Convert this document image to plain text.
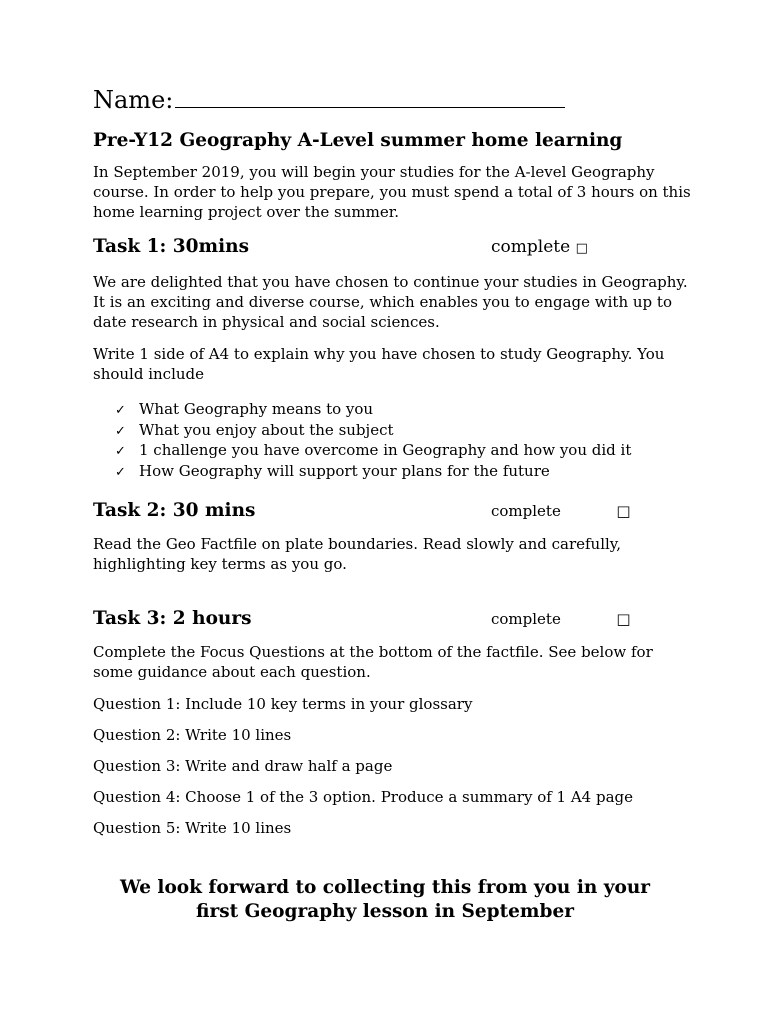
Name:
Pre-Y12 Geography A-Level summer home learning

In September 2019, you will begin your studies for the A-level Geography course. In order to help you prepare, you must spend a total of 3 hours on this home learning project over the summer.

Task 1: 30mins	complete □

We are delighted that you have chosen to continue your studies in Geography. It is an exciting and diverse course, which enables you to engage with up to date research in physical and social sciences.

Write 1 side of A4 to explain why you have chosen to study Geography. You should include

✓ What Geography means to you
✓ What you enjoy about the subject
✓ 1 challenge you have overcome in Geography and how you did it
✓ How Geography will support your plans for the future
Task 2: 30 mins	complete	□

Read the Geo Factfile on plate boundaries. Read slowly and carefully, highlighting key terms as you go.

Task 3: 2 hours	complete	□

Complete the Focus Questions at the bottom of the factfile. See below for some guidance about each question.

Question 1: Include 10 key terms in your glossary
Question 2: Write 10 lines
Question 3: Write and draw half a page
Question 4: Choose 1 of the 3 option. Produce a summary of 1 A4 page
Question 5: Write 10 lines
We look forward to collecting this from you in your
first Geography lesson in September
